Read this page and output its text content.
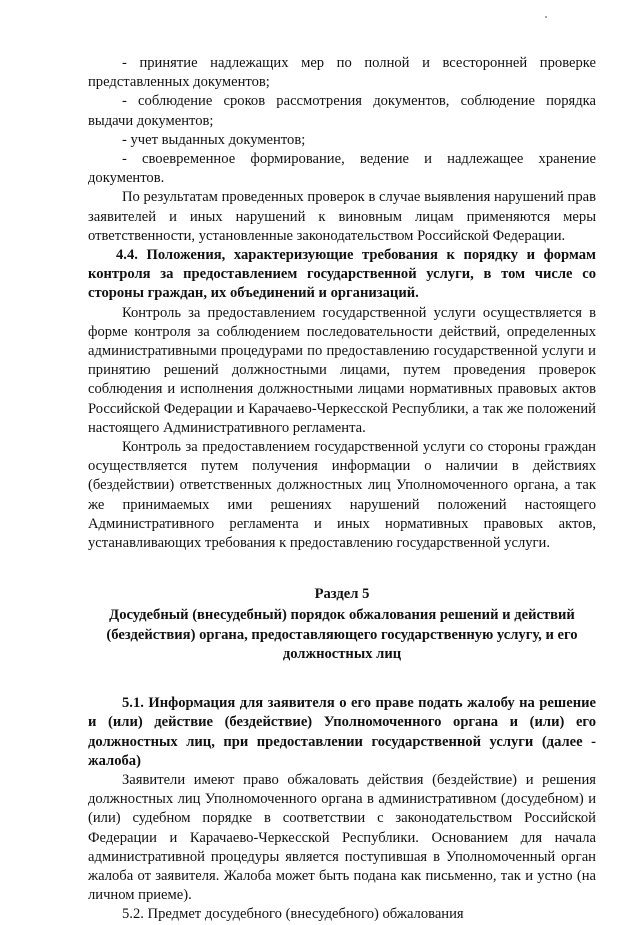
- принятие надлежащих мер по полной и всесторонней проверке представленных документов;

- соблюдение сроков рассмотрения документов, соблюдение порядка выдачи документов;

- учет выданных документов;

- своевременное формирование, ведение и надлежащее хранение документов.

По результатам проведенных проверок в случае выявления нарушений прав заявителей и иных нарушений к виновным лицам применяются меры ответственности, установленные законодательством Российской Федерации.

4.4. Положения, характеризующие требования к порядку и формам контроля за предоставлением государственной услуги, в том числе со стороны граждан, их объединений и организаций.

Контроль за предоставлением государственной услуги осуществляется в форме контроля за соблюдением последовательности действий, определенных административными процедурами по предоставлению государственной услуги и принятию решений должностными лицами, путем проведения проверок соблюдения и исполнения должностными лицами нормативных правовых актов Российской Федерации и Карачаево-Черкесской Республики, а так же положений настоящего Административного регламента.

Контроль за предоставлением государственной услуги со стороны граждан осуществляется путем получения информации о наличии в действиях (бездействии) ответственных должностных лиц Уполномоченного органа, а так же принимаемых ими решениях нарушений положений настоящего Административного регламента и иных нормативных правовых актов, устанавливающих требования к предоставлению государственной услуги.

Раздел 5

Досудебный (внесудебный) порядок обжалования решений и действий (бездействия) органа, предоставляющего государственную услугу, и его должностных лиц

5.1. Информация для заявителя о его праве подать жалобу на решение и (или) действие (бездействие) Уполномоченного органа и (или) его должностных лиц, при предоставлении государственной услуги (далее - жалоба)

Заявители имеют право обжаловать действия (бездействие) и решения должностных лиц Уполномоченного органа в административном (досудебном) и (или) судебном порядке в соответствии с законодательством Российской Федерации и Карачаево-Черкесской Республики. Основанием для начала административной процедуры является поступившая в Уполномоченный орган жалоба от заявителя. Жалоба может быть подана как письменно, так и устно (на личном приеме).

5.2. Предмет досудебного (внесудебного) обжалования
